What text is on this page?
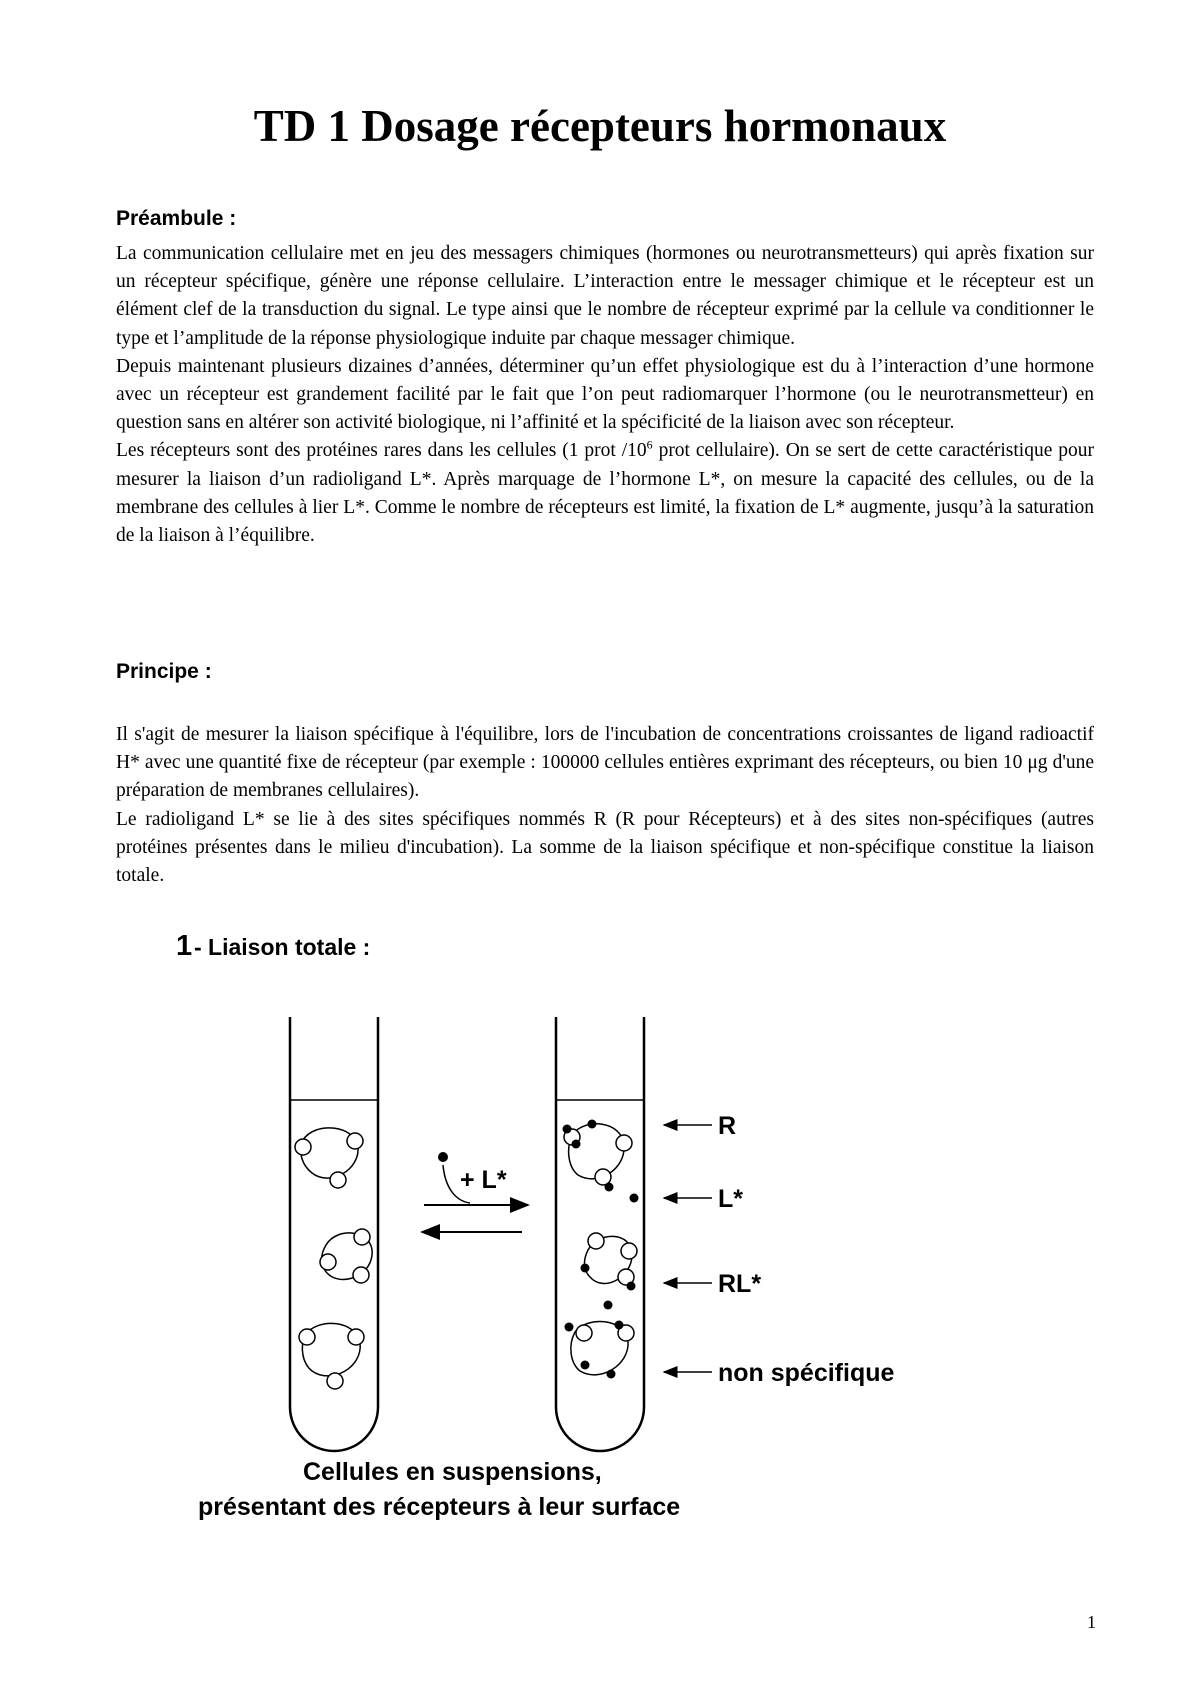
TD 1 Dosage récepteurs hormonaux
Préambule :

La communication cellulaire met en jeu des messagers chimiques (hormones ou neurotransmetteurs) qui après fixation sur un récepteur spécifique, génère une réponse cellulaire. L’interaction entre le messager chimique et le récepteur est un élément clef de la transduction du signal. Le type ainsi que le nombre de récepteur exprimé par la cellule va conditionner le type et l’amplitude de la réponse physiologique induite par chaque messager chimique.

Depuis maintenant plusieurs dizaines d’années, déterminer qu’un effet physiologique est du à l’interaction d’une hormone avec un récepteur est grandement facilité par le fait que l’on peut radiomarquer l’hormone (ou le neurotransmetteur) en question sans en altérer son activité biologique, ni l’affinité et la spécificité de la liaison avec son récepteur.

Les récepteurs sont des protéines rares dans les cellules (1 prot $/10^6$ prot cellulaire). On se sert de cette caractéristique pour mesurer la liaison d’un radioligand L*. Après marquage de l’hormone L*, on mesure la capacité des cellules, ou de la membrane des cellules à lier L*. Comme le nombre de récepteurs est limité, la fixation de L* augmente, jusqu’à la saturation de la liaison à l’équilibre.

Principe :

Il s'agit de mesurer la liaison spécifique à l'équilibre, lors de l'incubation de concentrations croissantes de ligand radioactif H* avec une quantité fixe de récepteur (par exemple : 100000 cellules entières exprimant des récepteurs, ou bien 10 μg d'une préparation de membranes cellulaires).

Le radioligand L* se lie à des sites spécifiques nommés R (R pour Récepteurs) et à des sites non-spécifiques (autres protéines présentes dans le milieu d'incubation). La somme de la liaison spécifique et non-spécifique constitue la liaison totale.

1 - Liaison totale :
+ L*
R
L*
RL*
non spécifique
Cellules en suspensions,
présentant des récepteurs à leur surface
1
